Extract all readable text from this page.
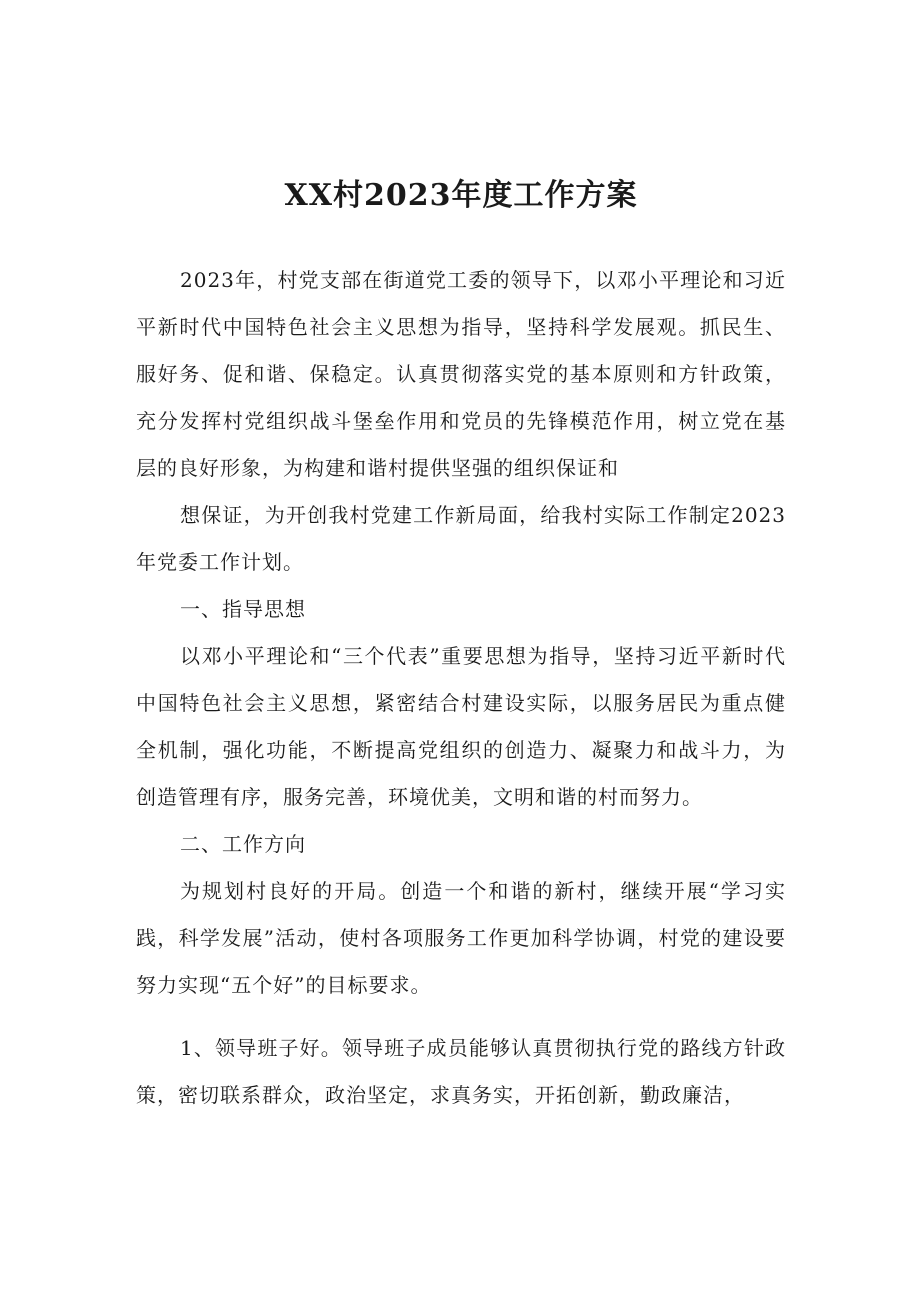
XX村2023年度工作方案

2023年，村党支部在街道党工委的领导下，以邓小平理论和习近平新时代中国特色社会主义思想为指导，坚持科学发展观。抓民生、服好务、促和谐、保稳定。认真贯彻落实党的基本原则和方针政策，充分发挥村党组织战斗堡垒作用和党员的先锋模范作用，树立党在基层的良好形象，为构建和谐村提供坚强的组织保证和

想保证，为开创我村党建工作新局面，给我村实际工作制定2023年党委工作计划。

一、指导思想

以邓小平理论和“三个代表”重要思想为指导，坚持习近平新时代中国特色社会主义思想，紧密结合村建设实际，以服务居民为重点健全机制，强化功能，不断提高党组织的创造力、凝聚力和战斗力，为创造管理有序，服务完善，环境优美，文明和谐的村而努力。

二、工作方向

为规划村良好的开局。创造一个和谐的新村，继续开展“学习实践，科学发展”活动，使村各项服务工作更加科学协调，村党的建设要努力实现“五个好”的目标要求。

1、领导班子好。领导班子成员能够认真贯彻执行党的路线方针政策，密切联系群众，政治坚定，求真务实，开拓创新，勤政廉洁，
